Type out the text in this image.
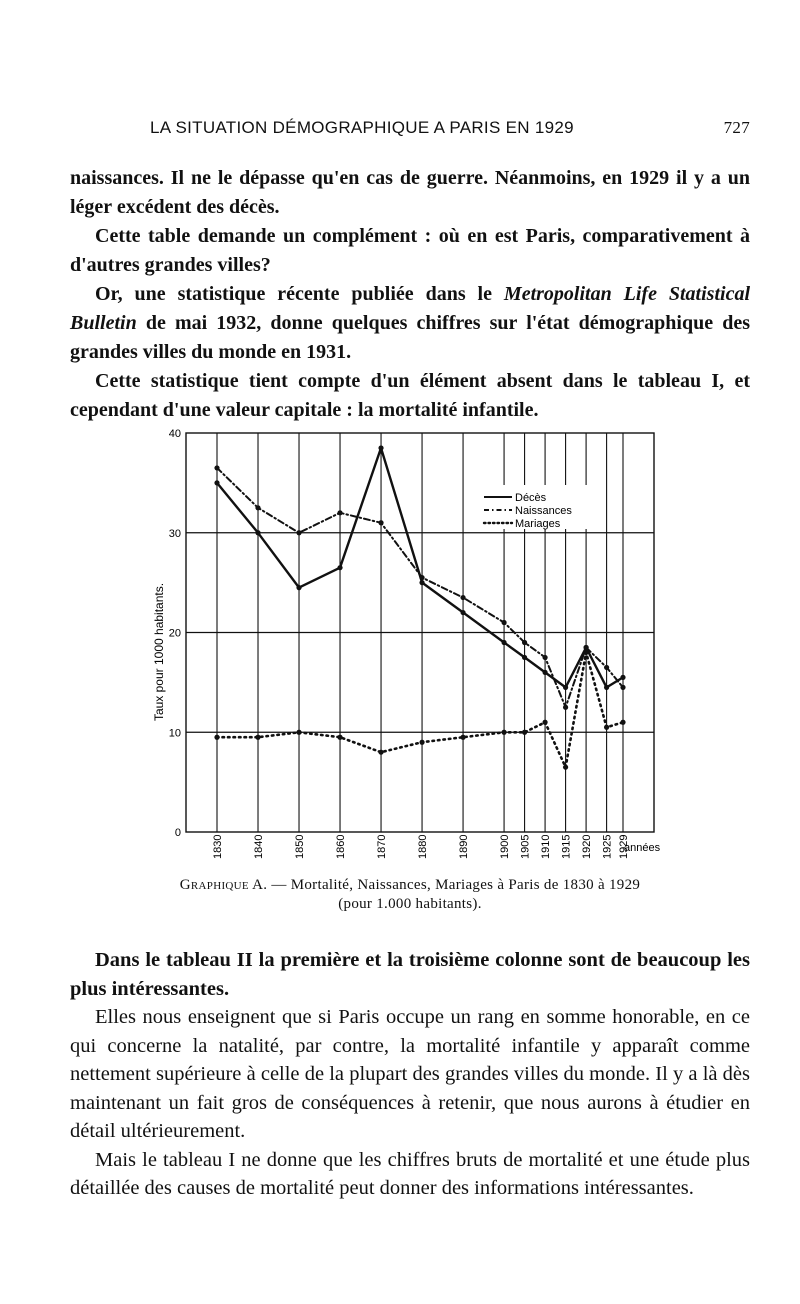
LA SITUATION DÉMOGRAPHIQUE A PARIS EN 1929	727

naissances. Il ne le dépasse qu'en cas de guerre. Néanmoins, en 1929 il y a un léger excédent des décès.

Cette table demande un complément : où en est Paris, comparativement à d'autres grandes villes?

Or, une statistique récente publiée dans le Metropolitan Life Statistical Bulletin de mai 1932, donne quelques chiffres sur l'état démographique des grandes villes du monde en 1931.

Cette statistique tient compte d'un élément absent dans le tableau I, et cependant d'une valeur capitale : la mortalité infantile.

Taux pour 1000 habitants.
années
0
10
20
30
40
1830	1840	1850	1860	1870	1880	1890	1900 1905 1910 1915 1920 1925 1929
Décès
Naissances
Mariages
Graphique A. — Mortalité, Naissances, Mariages à Paris de 1830 à 1929
(pour 1.000 habitants).

Dans le tableau II la première et la troisième colonne sont de beaucoup les plus intéressantes.

Elles nous enseignent que si Paris occupe un rang en somme honorable, en ce qui concerne la natalité, par contre, la mortalité infantile y apparaît comme nettement supérieure à celle de la plupart des grandes villes du monde. Il y a là dès maintenant un fait gros de conséquences à retenir, que nous aurons à étudier en détail ultérieurement.

Mais le tableau I ne donne que les chiffres bruts de mortalité et une étude plus détaillée des causes de mortalité peut donner des informations intéressantes.
